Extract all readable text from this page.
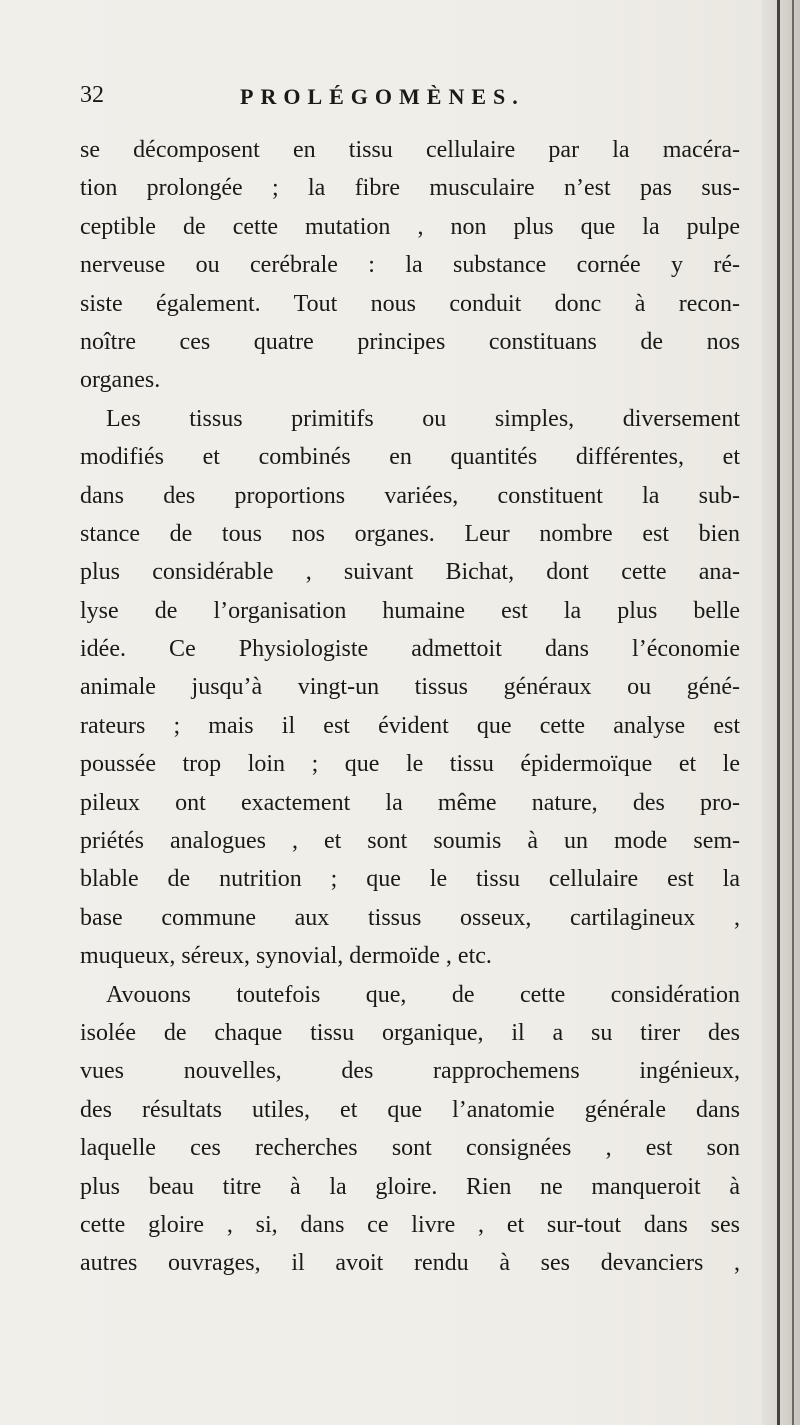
32	PROLÉGOMÈNES.
se décomposent en tissu cellulaire par la macéra-
tion prolongée ; la fibre musculaire n’est pas sus-
ceptible de cette mutation , non plus que la pulpe
nerveuse ou cerébrale : la substance cornée y ré-
siste également. Tout nous conduit donc à recon-
noître ces quatre principes constituans de nos
organes.
Les tissus primitifs ou simples, diversement
modifiés et combinés en quantités différentes, et
dans des proportions variées, constituent la sub-
stance de tous nos organes. Leur nombre est bien
plus considérable , suivant Bichat, dont cette ana-
lyse de l’organisation humaine est la plus belle
idée. Ce Physiologiste admettoit dans l’économie
animale jusqu’à vingt-un tissus généraux ou géné-
rateurs ; mais il est évident que cette analyse est
poussée trop loin ; que le tissu épidermoïque et le
pileux ont exactement la même nature, des pro-
priétés analogues , et sont soumis à un mode sem-
blable de nutrition ; que le tissu cellulaire est la
base commune aux tissus osseux, cartilagineux ,
muqueux, séreux, synovial, dermoïde , etc.
Avouons toutefois que, de cette considération
isolée de chaque tissu organique, il a su tirer des
vues nouvelles, des rapprochemens ingénieux,
des résultats utiles, et que l’anatomie générale dans
laquelle ces recherches sont consignées , est son
plus beau titre à la gloire. Rien ne manqueroit à
cette gloire , si, dans ce livre , et sur-tout dans ses
autres ouvrages, il avoit rendu à ses devanciers ,
